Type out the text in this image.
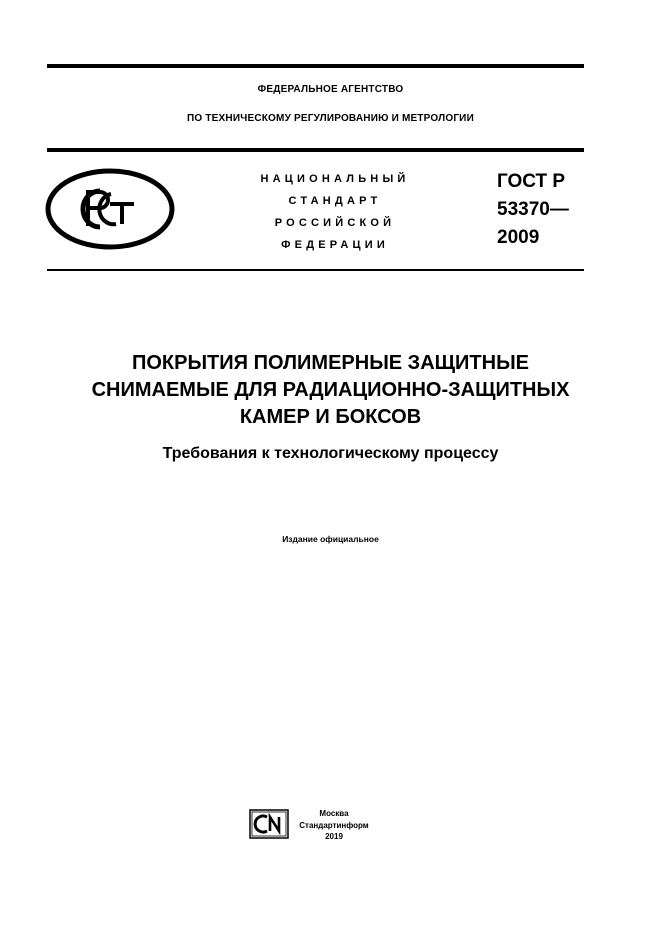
ФЕДЕРАЛЬНОЕ АГЕНТСТВО
ПО ТЕХНИЧЕСКОМУ РЕГУЛИРОВАНИЮ И МЕТРОЛОГИИ
НАЦИОНАЛЬНЫЙ
СТАНДАРТ
РОССИЙСКОЙ
ФЕДЕРАЦИИ
ГОСТ Р
53370—
2009
ПОКРЫТИЯ ПОЛИМЕРНЫЕ ЗАЩИТНЫЕ
СНИМАЕМЫЕ ДЛЯ РАДИАЦИОННО-ЗАЩИТНЫХ
КАМЕР И БОКСОВ
Требования к технологическому процессу
Издание официальное
Москва
Стандартинформ
2019
